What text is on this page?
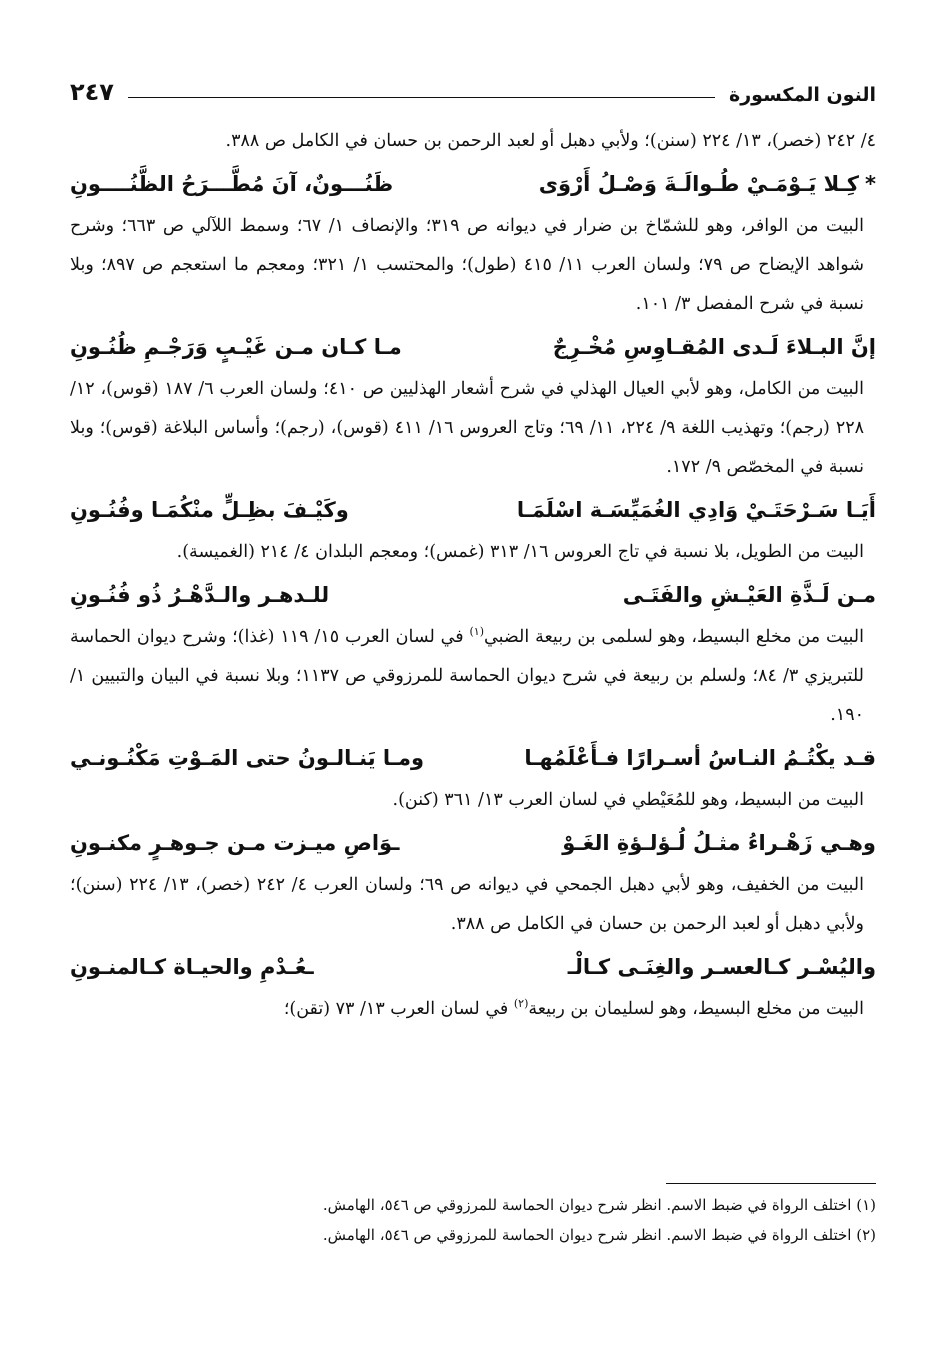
النون المكسورة
٢٤٧

٤/ ٢٤٢ (خصر)، ١٣/ ٢٢٤ (سنن)؛ ولأبي دهبل أو لعبد الرحمن بن حسان في الكامل ص ٣٨٨.

*كِـلا يَـوْمَـيْ طُـوالَـةَ وَصْـلُ أَرْوَى
ظَنُـــونٌ، آنَ مُطَّـــرَحُ الظَّنُــــونِ

البيت من الوافر، وهو للشمّاخ بن ضرار في ديوانه ص ٣١٩؛ والإنصاف ١/ ٦٧؛ وسمط اللآلي ص ٦٦٣؛ وشرح شواهد الإيضاح ص ٧٩؛ ولسان العرب ١١/ ٤١٥ (طول)؛ والمحتسب ١/ ٣٢١؛ ومعجم ما استعجم ص ٨٩٧؛ وبلا نسبة في شرح المفصل ٣/ ١٠١.

إنَّ البـلاءَ لَـدى المُقـاوِسِ مُخْـرِجٌ
مـا كـان مـن غَيْـبٍ وَرَجْـمِ ظُنُـونِ

البيت من الكامل، وهو لأبي العيال الهذلي في شرح أشعار الهذليين ص ٤١٠؛ ولسان العرب ٦/ ١٨٧ (قوس)، ١٢/ ٢٢٨ (رجم)؛ وتهذيب اللغة ٩/ ٢٢٤، ١١/ ٦٩؛ وتاج العروس ١٦/ ٤١١ (قوس)، (رجم)؛ وأساس البلاغة (قوس)؛ وبلا نسبة في المخصّص ٩/ ١٧٢.

أَيَـا سَـرْحَتَـيْ وَادِي الغُمَيِّسَـة اسْلَمَـا
وكَيْـفَ بظِـلٍّ منْكُمَـا وفُنُـونِ

البيت من الطويل، بلا نسبة في تاج العروس ١٦/ ٣١٣ (غمس)؛ ومعجم البلدان ٤/ ٢١٤ (الغميسة).

مـن لَـذَّةِ العَيْـشِ والفَتَـى
للـدهـر والـدَّهْـرُ ذُو فُنُـونِ

البيت من مخلع البسيط، وهو لسلمى بن ربيعة الضبي$^{(١)}$ في لسان العرب ١٥/ ١١٩ (غذا)؛ وشرح ديوان الحماسة للتبريزي ٣/ ٨٤؛ ولسلم بن ربيعة في شرح ديوان الحماسة للمرزوقي ص ١١٣٧؛ وبلا نسبة في البيان والتبيين ١/ ١٩٠.

قـد يكْتُـمُ النـاسُ أسـرارًا فـأَعْلَمُهـا
ومـا يَنـالـونُ حتى المَـوْتِ مَكْنُـونـي

البيت من البسيط، وهو للمُعَيْطي في لسان العرب ١٣/ ٣٦١ (كنن).

وهـي زَهْـراءُ مثـلُ لُـؤلـؤةِ الغَـوْ
ـوَاصِ ميـزت مـن جـوهـرٍ مكنـونِ

البيت من الخفيف، وهو لأبي دهبل الجمحي في ديوانه ص ٦٩؛ ولسان العرب ٤/ ٢٤٢ (خصر)، ١٣/ ٢٢٤ (سنن)؛ ولأبي دهبل أو لعبد الرحمن بن حسان في الكامل ص ٣٨٨.

واليُسْـر كـالعسـر والغِنَـى كـالْـ
ـعُـدْمِ والحيـاة كـالمنـونِ

البيت من مخلع البسيط، وهو لسليمان بن ربيعة$^{(٢)}$ في لسان العرب ١٣/ ٧٣ (تقن)؛

(١) اختلف الرواة في ضبط الاسم. انظر شرح ديوان الحماسة للمرزوقي ص ٥٤٦، الهامش.

(٢) اختلف الرواة في ضبط الاسم. انظر شرح ديوان الحماسة للمرزوقي ص ٥٤٦، الهامش.
